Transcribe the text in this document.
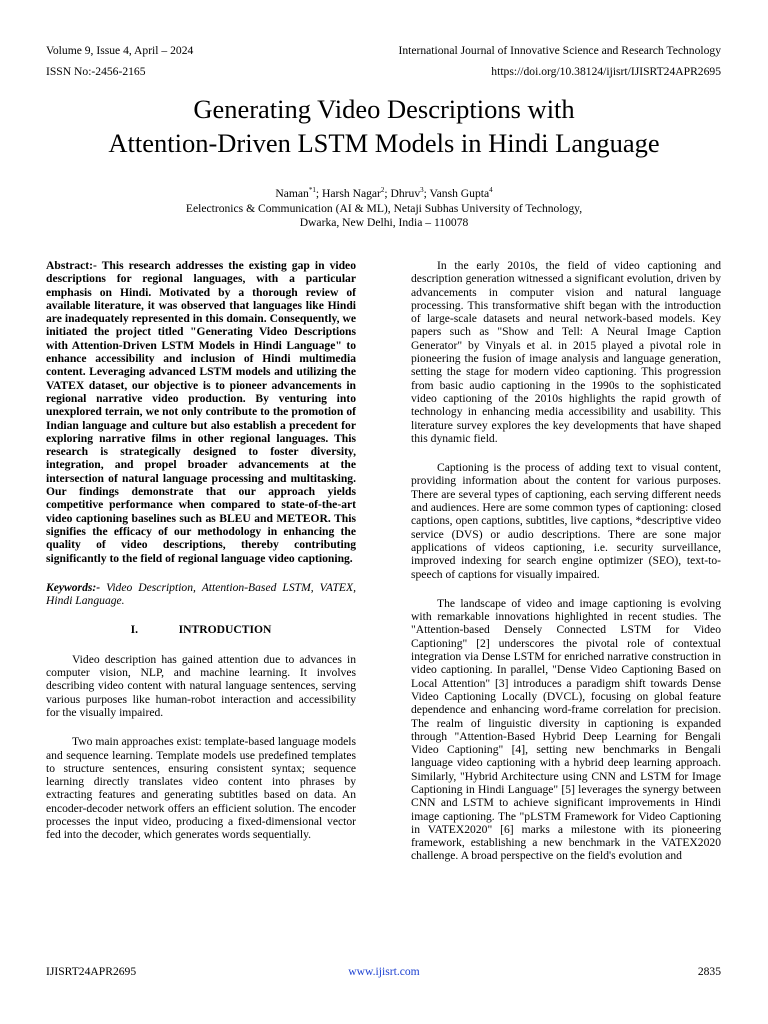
Volume 9, Issue 4, April – 2024	International Journal of Innovative Science and Research Technology
ISSN No:-2456-2165	https://doi.org/10.38124/ijisrt/IJISRT24APR2695
Generating Video Descriptions with
Attention-Driven LSTM Models in Hindi Language
Naman$^{*1}$; Harsh Nagar$^2$; Dhruv$^3$; Vansh Gupta$^4$
Eelectronics & Communication (AI & ML), Netaji Subhas University of Technology,
Dwarka, New Delhi, India – 110078

Abstract:- This research addresses the existing gap in video descriptions for regional languages, with a particular emphasis on Hindi. Motivated by a thorough review of available literature, it was observed that languages like Hindi are inadequately represented in this domain. Consequently, we initiated the project titled "Generating Video Descriptions with Attention-Driven LSTM Models in Hindi Language" to enhance accessibility and inclusion of Hindi multimedia content. Leveraging advanced LSTM models and utilizing the VATEX dataset, our objective is to pioneer advancements in regional narrative video production. By venturing into unexplored terrain, we not only contribute to the promotion of Indian language and culture but also establish a precedent for exploring narrative films in other regional languages. This research is strategically designed to foster diversity, integration, and propel broader advancements at the intersection of natural language processing and multitasking. Our findings demonstrate that our approach yields competitive performance when compared to state-of-the-art video captioning baselines such as BLEU and METEOR. This signifies the efficacy of our methodology in enhancing the quality of video descriptions, thereby contributing significantly to the field of regional language video captioning.

Keywords:- Video Description, Attention-Based LSTM, VATEX, Hindi Language.

I.	INTRODUCTION

Video description has gained attention due to advances in computer vision, NLP, and machine learning. It involves describing video content with natural language sentences, serving various purposes like human-robot interaction and accessibility for the visually impaired.

Two main approaches exist: template-based language models and sequence learning. Template models use predefined templates to structure sentences, ensuring consistent syntax; sequence learning directly translates video content into phrases by extracting features and generating subtitles based on data. An encoder-decoder network offers an efficient solution. The encoder processes the input video, producing a fixed-dimensional vector fed into the decoder, which generates words sequentially.

In the early 2010s, the field of video captioning and description generation witnessed a significant evolution, driven by advancements in computer vision and natural language processing. This transformative shift began with the introduction of large-scale datasets and neural network-based models. Key papers such as "Show and Tell: A Neural Image Caption Generator" by Vinyals et al. in 2015 played a pivotal role in pioneering the fusion of image analysis and language generation, setting the stage for modern video captioning. This progression from basic audio captioning in the 1990s to the sophisticated video captioning of the 2010s highlights the rapid growth of technology in enhancing media accessibility and usability. This literature survey explores the key developments that have shaped this dynamic field.

Captioning is the process of adding text to visual content, providing information about the content for various purposes. There are several types of captioning, each serving different needs and audiences. Here are some common types of captioning: closed captions, open captions, subtitles, live captions, *descriptive video service (DVS) or audio descriptions. There are sone major applications of videos captioning, i.e. security surveillance, improved indexing for search engine optimizer (SEO), text-to-speech of captions for visually impaired.

The landscape of video and image captioning is evolving with remarkable innovations highlighted in recent studies. The "Attention-based Densely Connected LSTM for Video Captioning" [2] underscores the pivotal role of contextual integration via Dense LSTM for enriched narrative construction in video captioning. In parallel, "Dense Video Captioning Based on Local Attention" [3] introduces a paradigm shift towards Dense Video Captioning Locally (DVCL), focusing on global feature dependence and enhancing word-frame correlation for precision. The realm of linguistic diversity in captioning is expanded through "Attention-Based Hybrid Deep Learning for Bengali Video Captioning" [4], setting new benchmarks in Bengali language video captioning with a hybrid deep learning approach. Similarly, "Hybrid Architecture using CNN and LSTM for Image Captioning in Hindi Language" [5] leverages the synergy between CNN and LSTM to achieve significant improvements in Hindi image captioning. The "pLSTM Framework for Video Captioning in VATEX2020" [6] marks a milestone with its pioneering framework, establishing a new benchmark in the VATEX2020 challenge. A broad perspective on the field's evolution and

IJISRT24APR2695	www.ijisrt.com	2835
